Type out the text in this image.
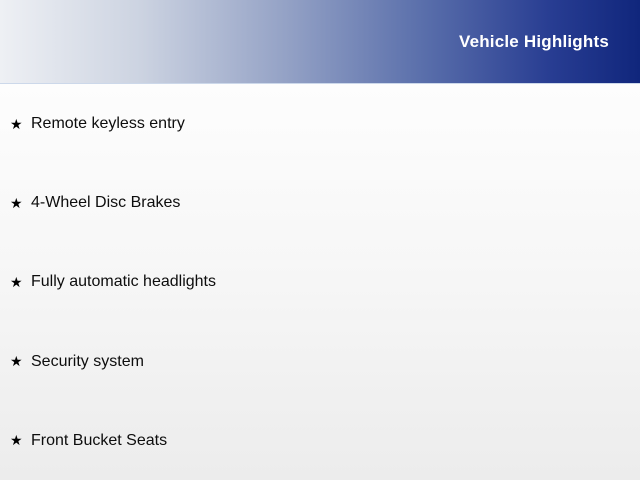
Vehicle Highlights
★ Remote keyless entry
★ 4-Wheel Disc Brakes
★ Fully automatic headlights
★ Security system
★ Front Bucket Seats
